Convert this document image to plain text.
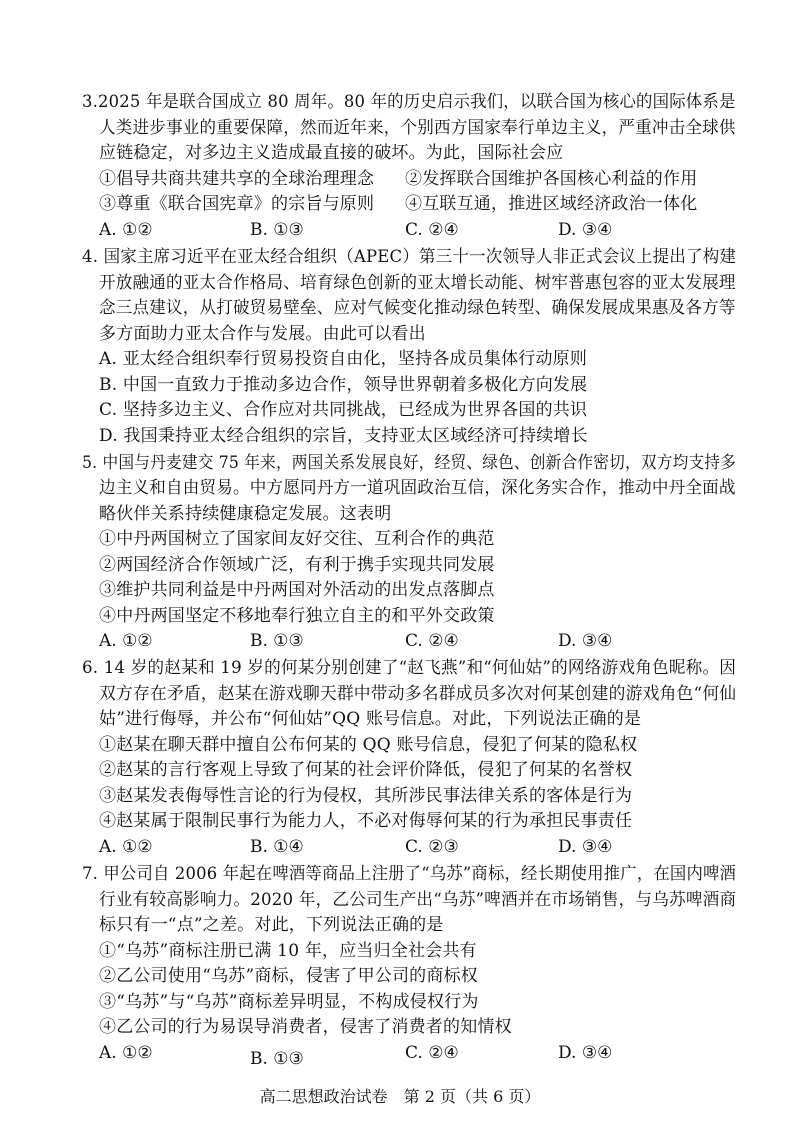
3.2025 年是联合国成立 80 周年。80 年的历史启示我们，以联合国为核心的国际体系是
人类进步事业的重要保障，然而近年来，个别西方国家奉行单边主义，严重冲击全球供
应链稳定，对多边主义造成最直接的破坏。为此，国际社会应
①倡导共商共建共享的全球治理理念 ②发挥联合国维护各国核心利益的作用
③尊重《联合国宪章》的宗旨与原则 ④互联互通，推进区域经济政治一体化
A. ①②	B. ①③	C. ②④	D. ③④
4. 国家主席习近平在亚太经合组织（APEC）第三十一次领导人非正式会议上提出了构建
开放融通的亚太合作格局、培育绿色创新的亚太增长动能、树牢普惠包容的亚太发展理
念三点建议，从打破贸易壁垒、应对气候变化推动绿色转型、确保发展成果惠及各方等
多方面助力亚太合作与发展。由此可以看出
A. 亚太经合组织奉行贸易投资自由化，坚持各成员集体行动原则
B. 中国一直致力于推动多边合作，领导世界朝着多极化方向发展
C. 坚持多边主义、合作应对共同挑战，已经成为世界各国的共识
D. 我国秉持亚太经合组织的宗旨，支持亚太区域经济可持续增长
5. 中国与丹麦建交 75 年来，两国关系发展良好，经贸、绿色、创新合作密切，双方均支持多
边主义和自由贸易。中方愿同丹方一道巩固政治互信，深化务实合作，推动中丹全面战
略伙伴关系持续健康稳定发展。这表明
①中丹两国树立了国家间友好交往、互利合作的典范
②两国经济合作领域广泛，有利于携手实现共同发展
③维护共同利益是中丹两国对外活动的出发点落脚点
④中丹两国坚定不移地奉行独立自主的和平外交政策
A. ①②	B. ①③	C. ②④	D. ③④
6. 14 岁的赵某和 19 岁的何某分别创建了“赵飞燕”和“何仙姑”的网络游戏角色昵称。因
双方存在矛盾，赵某在游戏聊天群中带动多名群成员多次对何某创建的游戏角色“何仙
姑”进行侮辱，并公布“何仙姑”QQ 账号信息。对此，下列说法正确的是
①赵某在聊天群中擅自公布何某的 QQ 账号信息，侵犯了何某的隐私权
②赵某的言行客观上导致了何某的社会评价降低，侵犯了何某的名誉权
③赵某发表侮辱性言论的行为侵权，其所涉民事法律关系的客体是行为
④赵某属于限制民事行为能力人，不必对侮辱何某的行为承担民事责任
A. ①②	B. ①④	C. ②③	D. ③④
7. 甲公司自 2006 年起在啤酒等商品上注册了“乌苏”商标，经长期使用推广，在国内啤酒
行业有较高影响力。2020 年，乙公司生产出“乌苏”啤酒并在市场销售，与乌苏啤酒商
标只有一“点”之差。对此，下列说法正确的是
①“乌苏”商标注册已满 10 年，应当归全社会共有
②乙公司使用“乌苏”商标，侵害了甲公司的商标权
③“乌苏”与“乌苏”商标差异明显，不构成侵权行为
④乙公司的行为易误导消费者，侵害了消费者的知情权
A. ①②	B. ①③	C. ②④	D. ③④
高二思想政治试卷　第 2 页（共 6 页）
